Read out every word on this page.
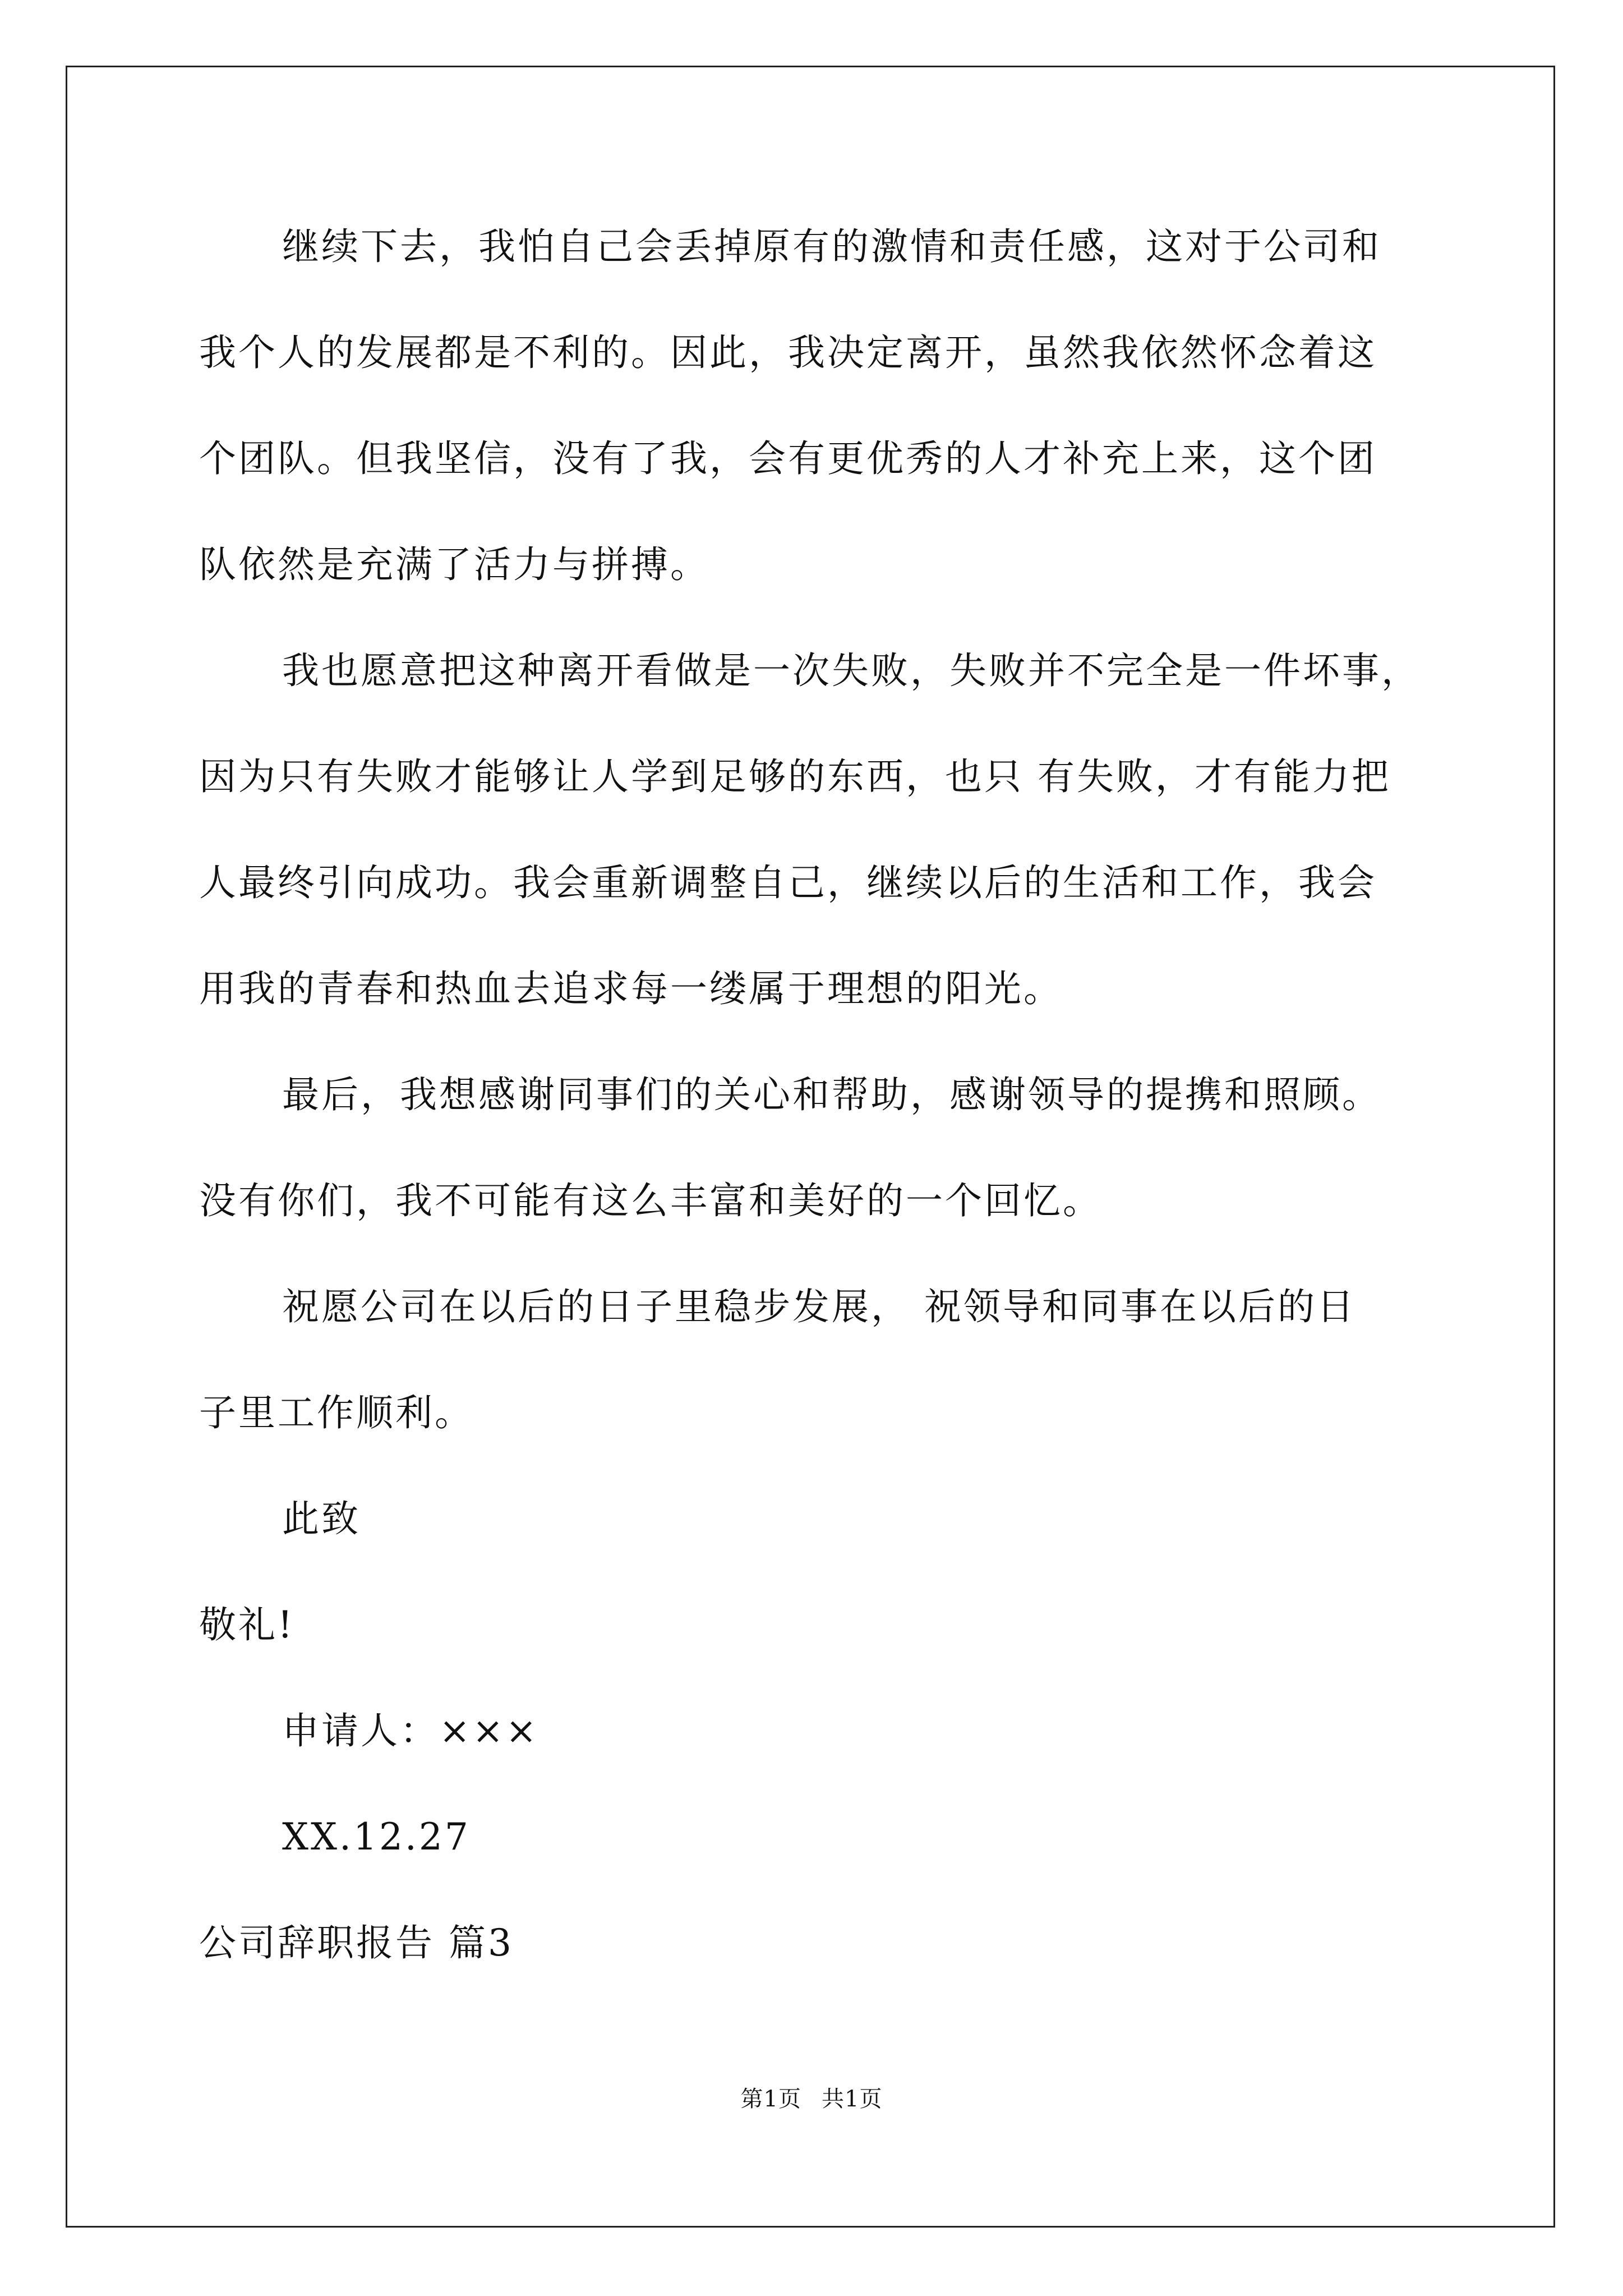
继续下去，我怕自己会丢掉原有的激情和责任感，这对于公司和
我个人的发展都是不利的。因此，我决定离开，虽然我依然怀念着这
个团队。但我坚信，没有了我，会有更优秀的人才补充上来，这个团
队依然是充满了活力与拼搏。
我也愿意把这种离开看做是一次失败，失败并不完全是一件坏事，
因为只有失败才能够让人学到足够的东西，也只 有失败，才有能力把
人最终引向成功。我会重新调整自己，继续以后的生活和工作，我会
用我的青春和热血去追求每一缕属于理想的阳光。
最后，我想感谢同事们的关心和帮助，感谢领导的提携和照顾。
没有你们，我不可能有这么丰富和美好的一个回忆。
祝愿公司在以后的日子里稳步发展， 祝领导和同事在以后的日
子里工作顺利。
此致
敬礼!
申请人：×××
XX.12.27
公司辞职报告 篇3
第1页 共1页
